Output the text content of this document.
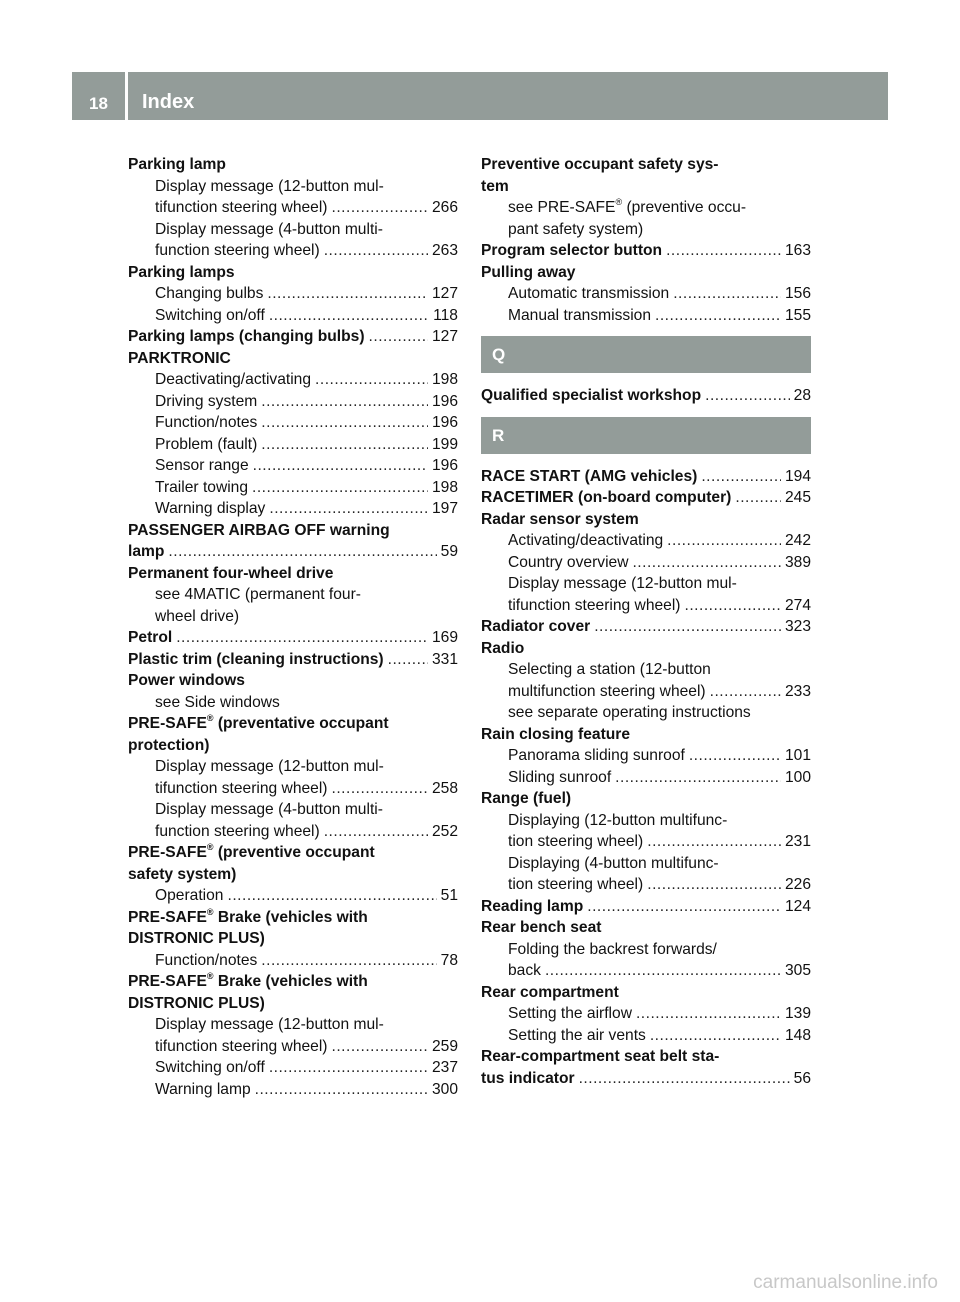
18	Index
Parking lamp
Display message (12-button mul-
tifunction steering wheel) .....	266
Display message (4-button multi-
function steering wheel) .....	263
Parking lamps
Changing bulbs .....	127
Switching on/off .....	118
Parking lamps (changing bulbs) .....	127
PARKTRONIC
Deactivating/activating .....	198
Driving system .....	196
Function/notes .....	196
Problem (fault) .....	199
Sensor range .....	196
Trailer towing .....	198
Warning display .....	197
PASSENGER AIRBAG OFF warning
lamp .....	59
Permanent four-wheel drive
see 4MATIC (permanent four-
wheel drive)
Petrol .....	169
Plastic trim (cleaning instructions) .....	331
Power windows
see Side windows
PRE-SAFE® (preventative occupant
protection)
Display message (12-button mul-
tifunction steering wheel) .....	258
Display message (4-button multi-
function steering wheel) .....	252
PRE-SAFE® (preventive occupant
safety system)
Operation .....	51
PRE-SAFE® Brake (vehicles with
DISTRONIC PLUS)
Function/notes .....	78
PRE-SAFE® Brake (vehicles with
DISTRONIC PLUS)
Display message (12-button mul-
tifunction steering wheel) .....	259
Switching on/off .....	237
Warning lamp .....	300
Preventive occupant safety sys-
tem
see PRE-SAFE® (preventive occu-
pant safety system)
Program selector button .....	163
Pulling away
Automatic transmission .....	156
Manual transmission .....	155
Q
Qualified specialist workshop .....	28
R
RACE START (AMG vehicles) .....	194
RACETIMER (on-board computer) .....	245
Radar sensor system
Activating/deactivating .....	242
Country overview .....	389
Display message (12-button mul-
tifunction steering wheel) .....	274
Radiator cover .....	323
Radio
Selecting a station (12-button
multifunction steering wheel) .....	233
see separate operating instructions
Rain closing feature
Panorama sliding sunroof .....	101
Sliding sunroof .....	100
Range (fuel)
Displaying (12-button multifunc-
tion steering wheel) .....	231
Displaying (4-button multifunc-
tion steering wheel) .....	226
Reading lamp .....	124
Rear bench seat
Folding the backrest forwards/
back .....	305
Rear compartment
Setting the airflow .....	139
Setting the air vents .....	148
Rear-compartment seat belt sta-
tus indicator .....	56
carmanualsonline.info
